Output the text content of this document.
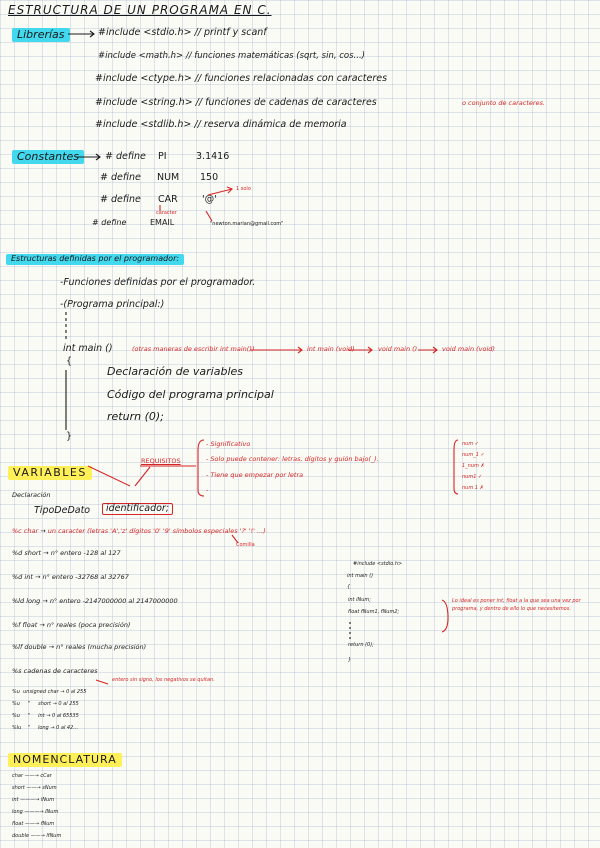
ESTRUCTURA DE UN PROGRAMA EN C.
Librerías	#include <stdio.h> // printf y scanf
#include <math.h> // funciones matemáticas (sqrt, sin, cos...)
#include <ctype.h> // funciones relacionadas con caracteres
#include <string.h> // funciones de cadenas de caracteres	o conjunto de caracteres.
#include <stdlib.h> // reserva dinámica de memoria
Constantes	# define PI	3.1416
# define NUM 150
# define CAR	'@'
1 solo
caracter
# define	EMAIL	"newton.marian@gmail.com"
Estructuras definidas por el programador:
-Funciones definidas por el programador.
-(Programa principal:)
int main ()	(otras maneras de escribir int main())	int main (void)	void main ()	void main (void)
{
Declaración de variables
Código del programa principal
return (0);
}
VARIABLES
REQUISITOS
- Significativo
- Solo puede contener: letras, dígitos y guión bajo(_).
- Tiene que empezar por letra
-
num ✓
num_1 ✓
1_num ✗
num1 ✓
num 1 ✗
Declaración
TipoDeDato	identificador;
%c char → un caracter (letras 'A','z' dígitos '0' '9' símbolos especiales '?' '!' ...)
Comilla
%d short → n° entero -128 al 127
%d int → n° entero -32768 al 32767
%ld long → n° entero -2147000000 al 2147000000
%f float → n° reales (poca precisión)
%lf double → n° reales (mucha precisión)
%s cadenas de caracteres
entero sin signo, los negativos se quitan.
%u unsigned char → 0 al 255
%u " short → 0 al 255
%u " int → 0 al 65535
%lu " long → 0 al 42...
#include <stdio.h>
int main ()
{
int iNum;
float fNum1, fNum2;
return (0);
}
Lo ideal es poner int, float a la que sea una vez por programa, y dentro de ello lo que necesitemos.
NOMENCLATURA
char ——→ cCar
short ——→ sNum
int ———→ iNum
long ———→ lNum
float ——→ fNum
double ——→ lfNum
